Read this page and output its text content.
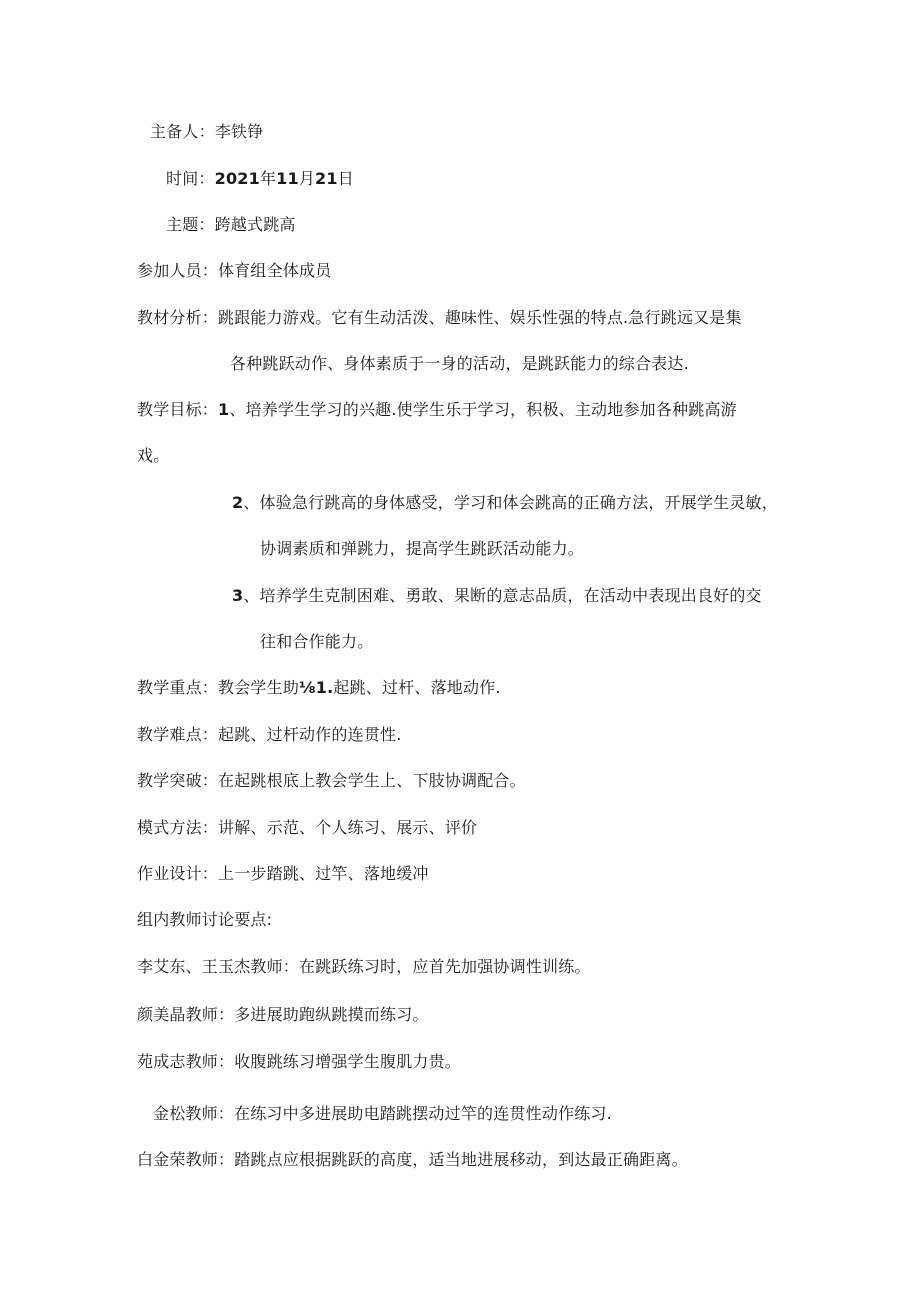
主备人：李铁铮
时间：2021年11月21日
主题：跨越式跳高
参加人员：体育组全体成员
教材分析：跳跟能力游戏。它有生动活泼、趣味性、娱乐性强的特点.急行跳远又是集
各种跳跃动作、身体素质于一身的活动，是跳跃能力的综合表达.
教学目标：1、培养学生学习的兴趣.使学生乐于学习，积极、主动地参加各种跳高游
戏。
2、体验急行跳高的身体感受，学习和体会跳高的正确方法，开展学生灵敏，
协调素质和弹跳力，提高学生跳跃活动能力。
3、培养学生克制困难、勇敢、果断的意志品质，在活动中表现出良好的交
往和合作能力。
教学重点：教会学生助⅛1.起跳、过杆、落地动作.
教学难点：起跳、过杆动作的连贯性.
教学突破：在起跳根底上教会学生上、下肢协调配合。
模式方法：讲解、示范、个人练习、展示、评价
作业设计：上一步踏跳、过竿、落地缓冲
组内教师讨论要点:
李艾东、王玉杰教师：在跳跃练习时，应首先加强协调性训练。
颜美晶教师：多进展助跑纵跳摸而练习。
苑成志教师：收腹跳练习增强学生腹肌力贵。
金松教师：在练习中多进展助电踏跳摆动过竿的连贯性动作练习.
白金荣教师：踏跳点应根据跳跃的高度，适当地进展移动，到达最正确距离。
